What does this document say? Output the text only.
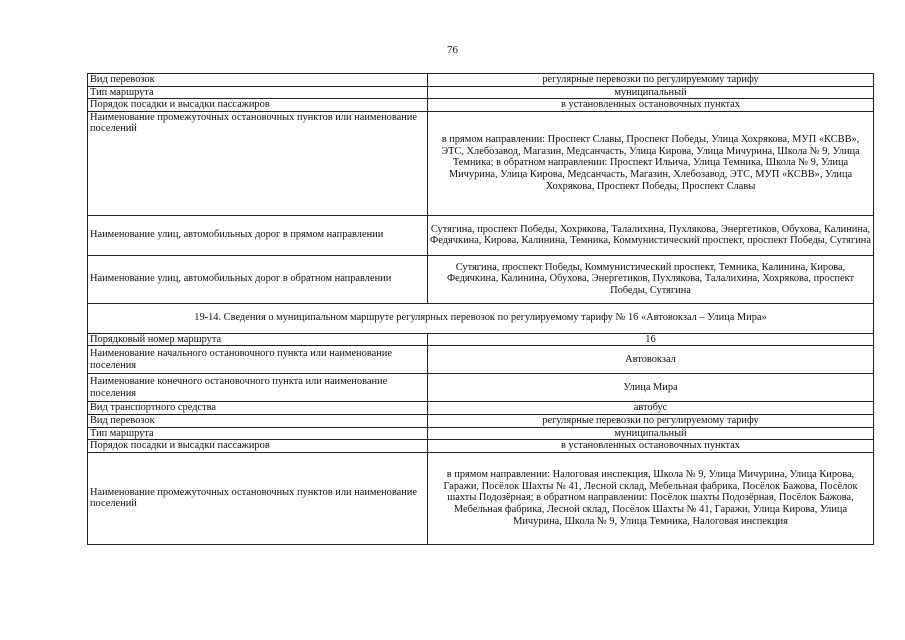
76
Вид перевозок	регулярные перевозки по регулируемому тарифу
Тип маршрута	муниципальный
Порядок посадки и высадки пассажиров	в установленных остановочных пунктах
Наименование промежуточных остановочных пунктов или наименование поселений	в прямом направлении: Проспект Славы, Проспект Победы, Улица Хохрякова, МУП «КСВВ», ЭТС, Хлебозавод, Магазин, Медсанчасть, Улица Кирова, Улица Мичурина, Школа № 9, Улица Темника; в обратном направлении: Проспект Ильича, Улица Темника, Школа № 9, Улица Мичурина, Улица Кирова, Медсанчасть, Магазин, Хлебозавод, ЭТС, МУП «КСВВ», Улица Хохрякова, Проспект Победы, Проспект Славы
Наименование улиц, автомобильных дорог в прямом направлении	Сутягина, проспект Победы, Хохрякова, Талалихина, Пухлякова, Энергетиков, Обухова, Калинина, Федячкина, Кирова, Калинина, Темника, Коммунистический проспект, проспект Победы, Сутягина
Наименование улиц, автомобильных дорог в обратном направлении	Сутягина, проспект Победы, Коммунистический проспект, Темника, Калинина, Кирова, Федячкина, Калинина, Обухова, Энергетиков, Пухлякова, Талалихина, Хохрякова, проспект Победы, Сутягина
19-14. Сведения о муниципальном маршруте регулярных перевозок по регулируемому тарифу № 16 «Автовокзал – Улица Мира»	
Порядковый номер маршрута	16
Наименование начального остановочного пункта или наименование поселения	Автовокзал
Наименование конечного остановочного пункта или наименование поселения	Улица Мира
Вид транспортного средства	автобус
Вид перевозок	регулярные перевозки по регулируемому тарифу
Тип маршрута	муниципальный
Порядок посадки и высадки пассажиров	в установленных остановочных пунктах
Наименование промежуточных остановочных пунктов или наименование поселений	в прямом направлении: Налоговая инспекция, Школа № 9, Улица Мичурина, Улица Кирова, Гаражи, Посёлок Шахты № 41, Лесной склад, Мебельная фабрика, Посёлок Бажова, Посёлок шахты Подозёрная; в обратном направлении: Посёлок шахты Подозёрная, Посёлок Бажова, Мебельная фабрика, Лесной склад, Посёлок Шахты № 41, Гаражи, Улица Кирова, Улица Мичурина, Школа № 9, Улица Темника, Налоговая инспекция
